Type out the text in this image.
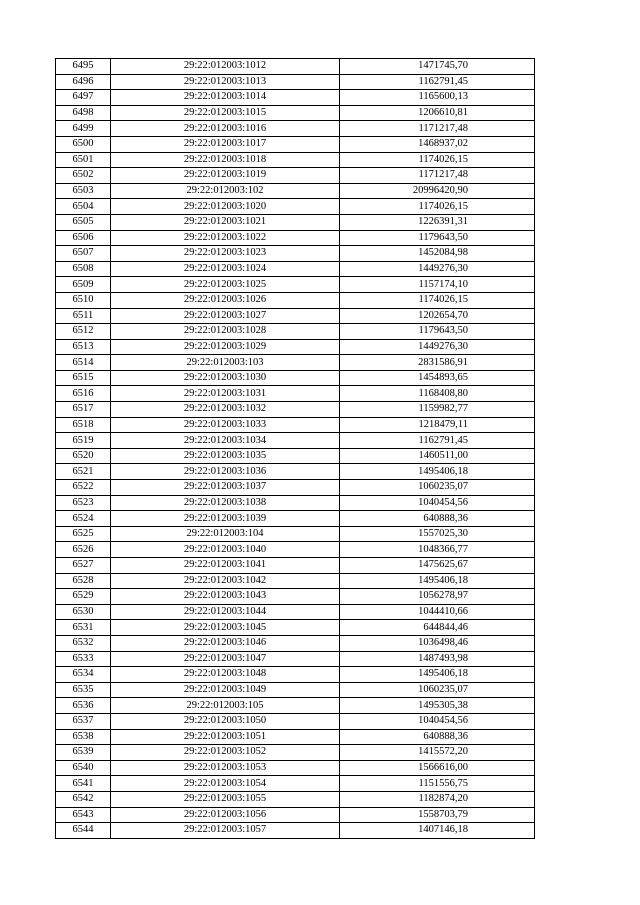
6495	29:22:012003:1012	1471745,70
6496	29:22:012003:1013	1162791,45
6497	29:22:012003:1014	1165600,13
6498	29:22:012003:1015	1206610,81
6499	29:22:012003:1016	1171217,48
6500	29:22:012003:1017	1468937,02
6501	29:22:012003:1018	1174026,15
6502	29:22:012003:1019	1171217,48
6503	29:22:012003:102	20996420,90
6504	29:22:012003:1020	1174026,15
6505	29:22:012003:1021	1226391,31
6506	29:22:012003:1022	1179643,50
6507	29:22:012003:1023	1452084,98
6508	29:22:012003:1024	1449276,30
6509	29:22:012003:1025	1157174,10
6510	29:22:012003:1026	1174026,15
6511	29:22:012003:1027	1202654,70
6512	29:22:012003:1028	1179643,50
6513	29:22:012003:1029	1449276,30
6514	29:22:012003:103	2831586,91
6515	29:22:012003:1030	1454893,65
6516	29:22:012003:1031	1168408,80
6517	29:22:012003:1032	1159982,77
6518	29:22:012003:1033	1218479,11
6519	29:22:012003:1034	1162791,45
6520	29:22:012003:1035	1460511,00
6521	29:22:012003:1036	1495406,18
6522	29:22:012003:1037	1060235,07
6523	29:22:012003:1038	1040454,56
6524	29:22:012003:1039	640888,36
6525	29:22:012003:104	1557025,30
6526	29:22:012003:1040	1048366,77
6527	29:22:012003:1041	1475625,67
6528	29:22:012003:1042	1495406,18
6529	29:22:012003:1043	1056278,97
6530	29:22:012003:1044	1044410,66
6531	29:22:012003:1045	644844,46
6532	29:22:012003:1046	1036498,46
6533	29:22:012003:1047	1487493,98
6534	29:22:012003:1048	1495406,18
6535	29:22:012003:1049	1060235,07
6536	29:22:012003:105	1495305,38
6537	29:22:012003:1050	1040454,56
6538	29:22:012003:1051	640888,36
6539	29:22:012003:1052	1415572,20
6540	29:22:012003:1053	1566616,00
6541	29:22:012003:1054	1151556,75
6542	29:22:012003:1055	1182874,20
6543	29:22:012003:1056	1558703,79
6544	29:22:012003:1057	1407146,18
